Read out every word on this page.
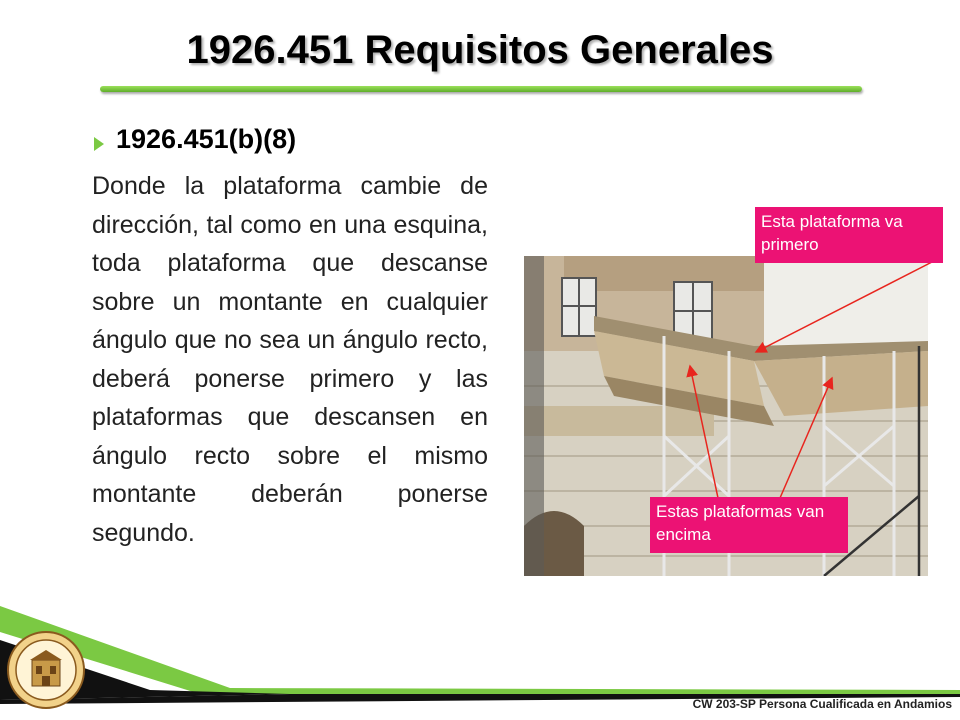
1926.451 Requisitos Generales
1926.451(b)(8)
Donde la plataforma cambie de dirección, tal como en una esquina, toda plataforma que descanse sobre un montante en cualquier ángulo que no sea un ángulo recto, deberá ponerse primero y las plataformas que descansen en ángulo recto sobre el mismo montante deberán ponerse segundo.
Esta plataforma va primero
Estas plataformas van encima
CW 203-SP Persona Cualificada en Andamios
